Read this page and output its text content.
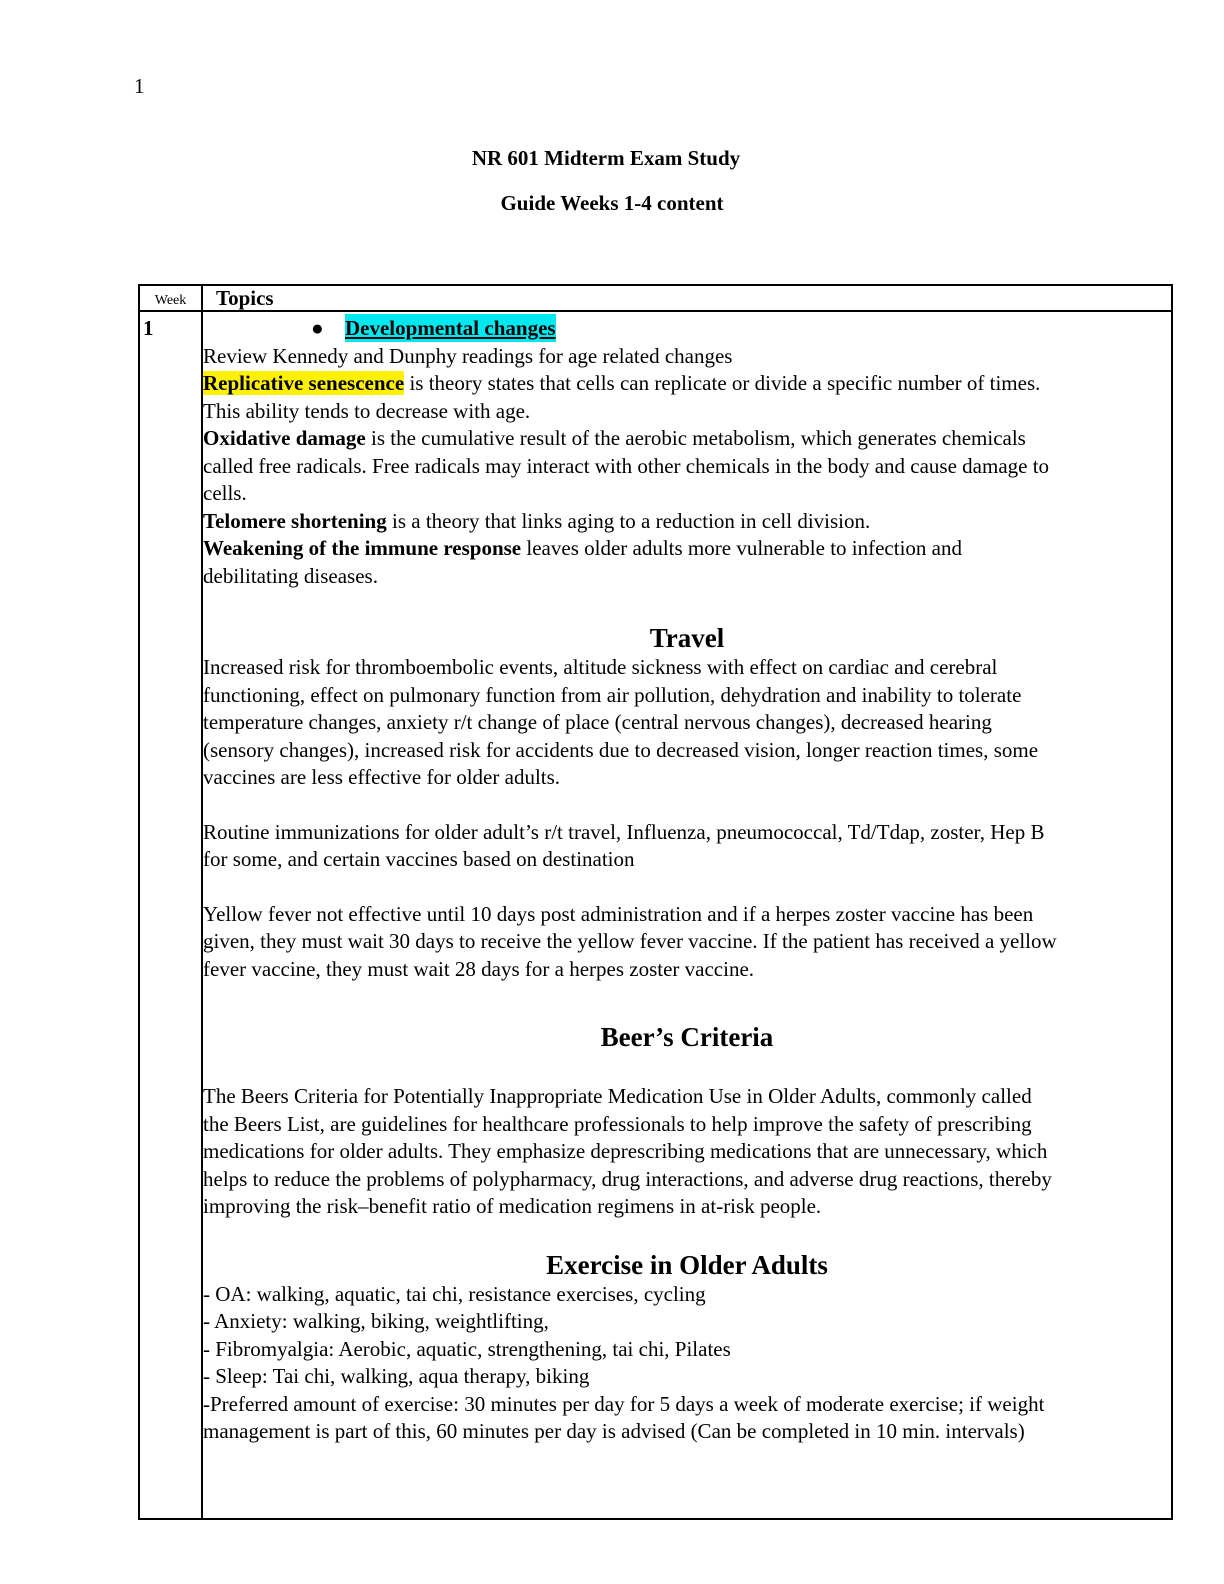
1
NR 601 Midterm Exam Study
Guide Weeks 1-4 content
Week	Topics
1	●	Developmental changes
Review Kennedy and Dunphy readings for age related changes
Replicative senescence is theory states that cells can replicate or divide a specific number of times.
This ability tends to decrease with age.
Oxidative damage is the cumulative result of the aerobic metabolism, which generates chemicals
called free radicals. Free radicals may interact with other chemicals in the body and cause damage to
cells.
Telomere shortening is a theory that links aging to a reduction in cell division.
Weakening of the immune response leaves older adults more vulnerable to infection and
debilitating diseases.
Travel
Increased risk for thromboembolic events, altitude sickness with effect on cardiac and cerebral
functioning, effect on pulmonary function from air pollution, dehydration and inability to tolerate
temperature changes, anxiety r/t change of place (central nervous changes), decreased hearing
(sensory changes), increased risk for accidents due to decreased vision, longer reaction times, some
vaccines are less effective for older adults.
Routine immunizations for older adult’s r/t travel, Influenza, pneumococcal, Td/Tdap, zoster, Hep B
for some, and certain vaccines based on destination
Yellow fever not effective until 10 days post administration and if a herpes zoster vaccine has been
given, they must wait 30 days to receive the yellow fever vaccine. If the patient has received a yellow
fever vaccine, they must wait 28 days for a herpes zoster vaccine.
Beer’s Criteria
The Beers Criteria for Potentially Inappropriate Medication Use in Older Adults, commonly called
the Beers List, are guidelines for healthcare professionals to help improve the safety of prescribing
medications for older adults. They emphasize deprescribing medications that are unnecessary, which
helps to reduce the problems of polypharmacy, drug interactions, and adverse drug reactions, thereby
improving the risk–benefit ratio of medication regimens in at-risk people.
Exercise in Older Adults
- OA: walking, aquatic, tai chi, resistance exercises, cycling
- Anxiety: walking, biking, weightlifting,
- Fibromyalgia: Aerobic, aquatic, strengthening, tai chi, Pilates
- Sleep: Tai chi, walking, aqua therapy, biking
-Preferred amount of exercise: 30 minutes per day for 5 days a week of moderate exercise; if weight
management is part of this, 60 minutes per day is advised (Can be completed in 10 min. intervals)
